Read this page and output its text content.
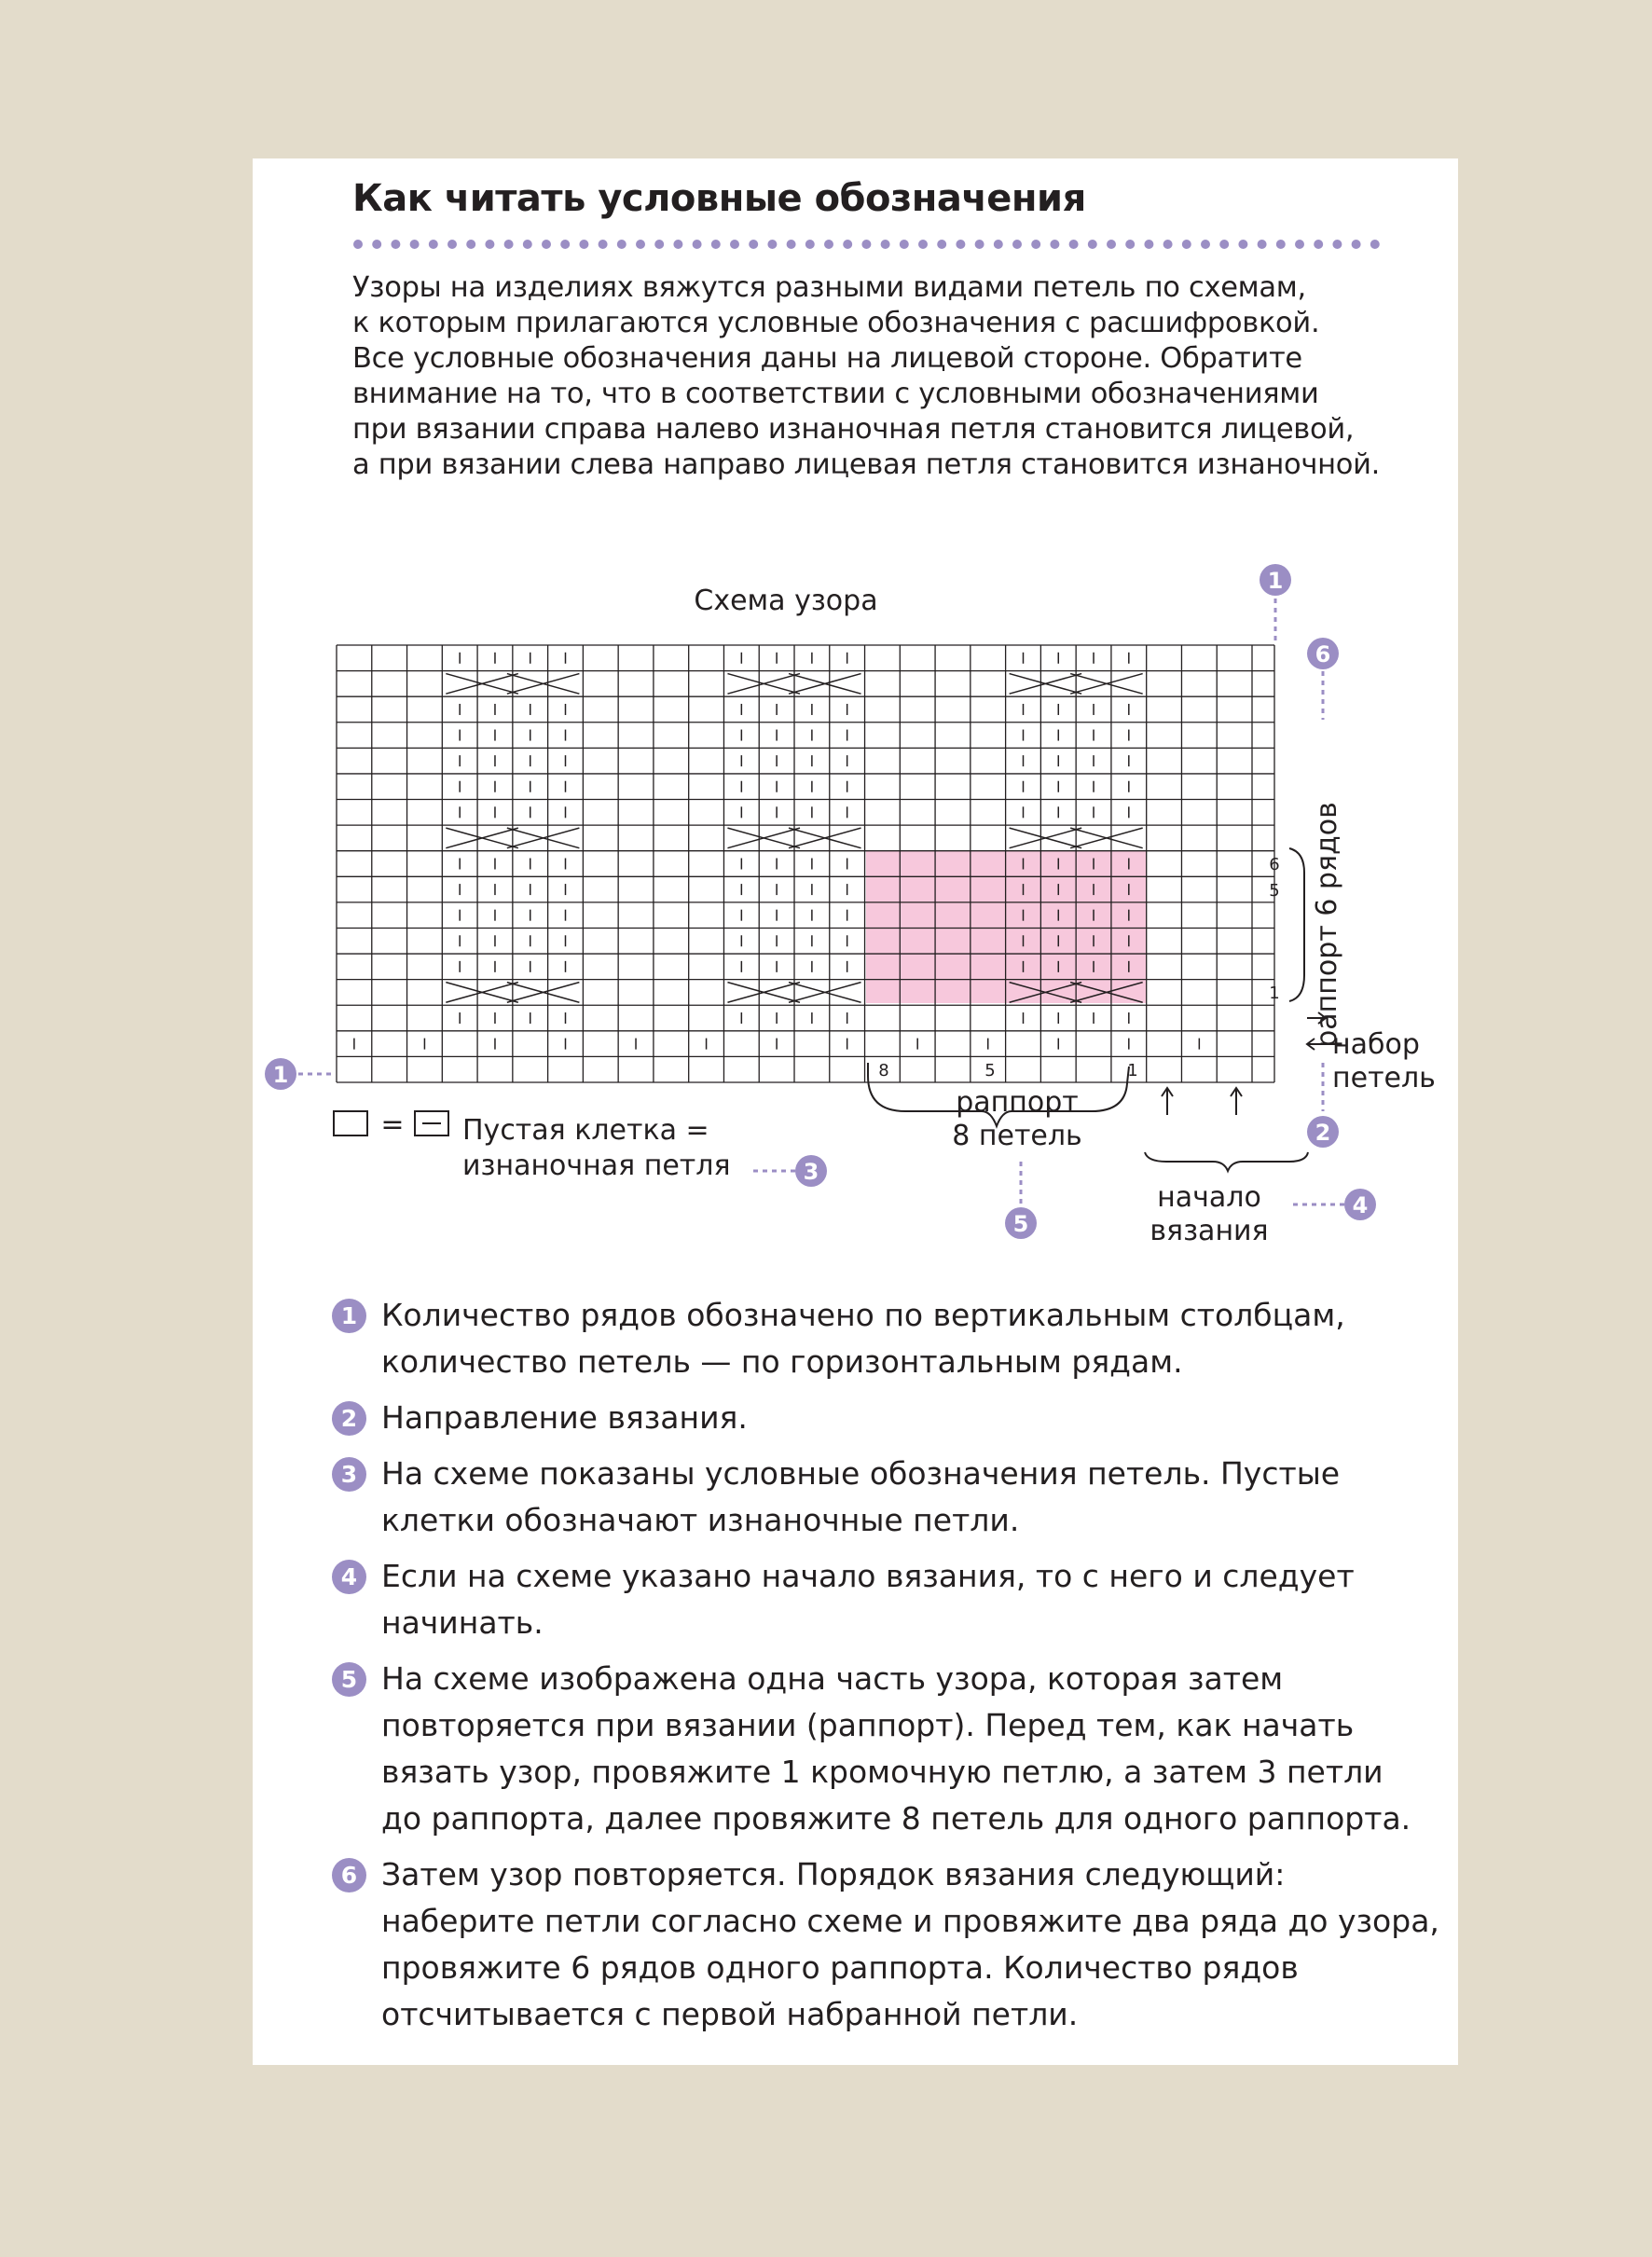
Как читать условные обозначения
Узоры на изделиях вяжутся разными видами петель по схемам,
к которым прилагаются условные обозначения с расшифровкой.
Все условные обозначения даны на лицевой стороне. Обратите
внимание на то, что в соответствии с условными обозначениями
при вязании справа налево изнаночная петля становится лицевой,
а при вязании слева направо лицевая петля становится изнаночной.
Схема узора
6
5
1
8	5	1
раппорт 6 рядов
набор
петель
раппорт
8 петель
начало
вязания
= Пустая клетка =
изнаночная петля
1
1
2
3
4
5
6
1 Количество рядов обозначено по вертикальным столбцам,
количество петель — по горизонтальным рядам.
2 Направление вязания.
3 На схеме показаны условные обозначения петель. Пустые
клетки обозначают изнаночные петли.
4 Если на схеме указано начало вязания, то с него и следует
начинать.
5 На схеме изображена одна часть узора, которая затем
повторяется при вязании (раппорт). Перед тем, как начать
вязать узор, провяжите 1 кромочную петлю, а затем 3 петли
до раппорта, далее провяжите 8 петель для одного раппорта.
6 Затем узор повторяется. Порядок вязания следующий:
наберите петли согласно схеме и провяжите два ряда до узора,
провяжите 6 рядов одного раппорта. Количество рядов
отсчитывается с первой набранной петли.
